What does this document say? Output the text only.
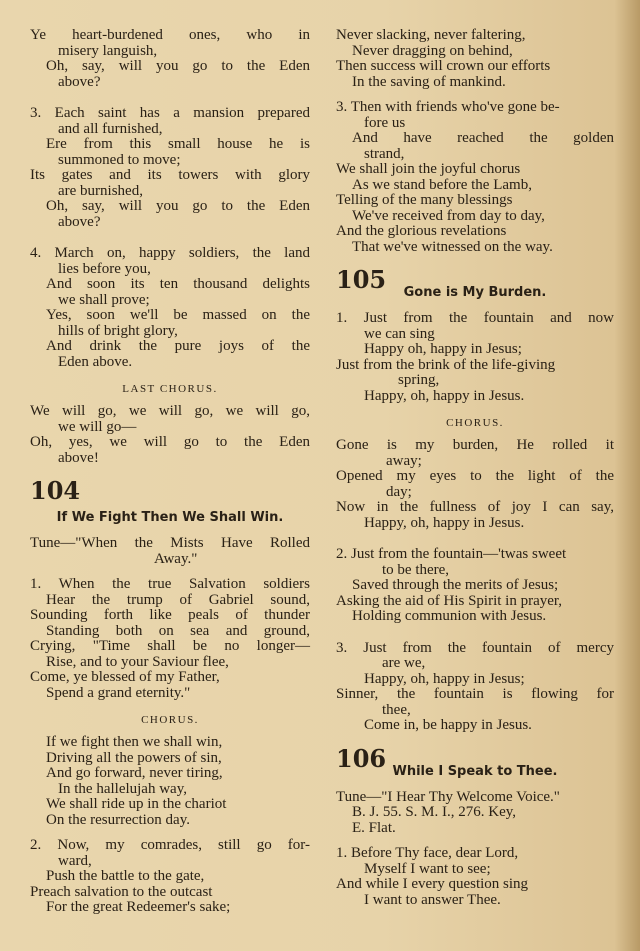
Ye heart-burdened ones, who in
misery languish,
Oh, say, will you go to the Eden
above?
3. Each saint has a mansion prepared
and all furnished,
Ere from this small house he is
summoned to move;
Its gates and its towers with glory
are burnished,
Oh, say, will you go to the Eden
above?
4. March on, happy soldiers, the land
lies before you,
And soon its ten thousand delights
we shall prove;
Yes, soon we'll be massed on the
hills of bright glory,
And drink the pure joys of the
Eden above.
LAST CHORUS.
We will go, we will go, we will go,
we will go—
Oh, yes, we will go to the Eden
above!
104
If We Fight Then We Shall Win.
Tune—"When the Mists Have Rolled
Away."
1. When the true Salvation soldiers
Hear the trump of Gabriel sound,
Sounding forth like peals of thunder
Standing both on sea and ground,
Crying, "Time shall be no longer—
Rise, and to your Saviour flee,
Come, ye blessed of my Father,
Spend a grand eternity."
CHORUS.
If we fight then we shall win,
Driving all the powers of sin,
And go forward, never tiring,
In the hallelujah way,
We shall ride up in the chariot
On the resurrection day.
2. Now, my comrades, still go for-
ward,
Push the battle to the gate,
Preach salvation to the outcast
For the great Redeemer's sake;
Never slacking, never faltering,
Never dragging on behind,
Then success will crown our efforts
In the saving of mankind.
3. Then with friends who've gone be-
fore us
And have reached the golden
strand,
We shall join the joyful chorus
As we stand before the Lamb,
Telling of the many blessings
We've received from day to day,
And the glorious revelations
That we've witnessed on the way.
105	Gone is My Burden.
1. Just from the fountain and now
we can sing
Happy oh, happy in Jesus;
Just from the brink of the life-giving
spring,
Happy, oh, happy in Jesus.
CHORUS.
Gone is my burden, He rolled it
away;
Opened my eyes to the light of the
day;
Now in the fullness of joy I can say,
Happy, oh, happy in Jesus.
2. Just from the fountain—'twas sweet
to be there,
Saved through the merits of Jesus;
Asking the aid of His Spirit in prayer,
Holding communion with Jesus.
3. Just from the fountain of mercy
are we,
Happy, oh, happy in Jesus;
Sinner, the fountain is flowing for
thee,
Come in, be happy in Jesus.
106 While I Speak to Thee.
Tune—"I Hear Thy Welcome Voice."
B. J. 55. S. M. I., 276. Key,
E. Flat.
1. Before Thy face, dear Lord,
Myself I want to see;
And while I every question sing
I want to answer Thee.
